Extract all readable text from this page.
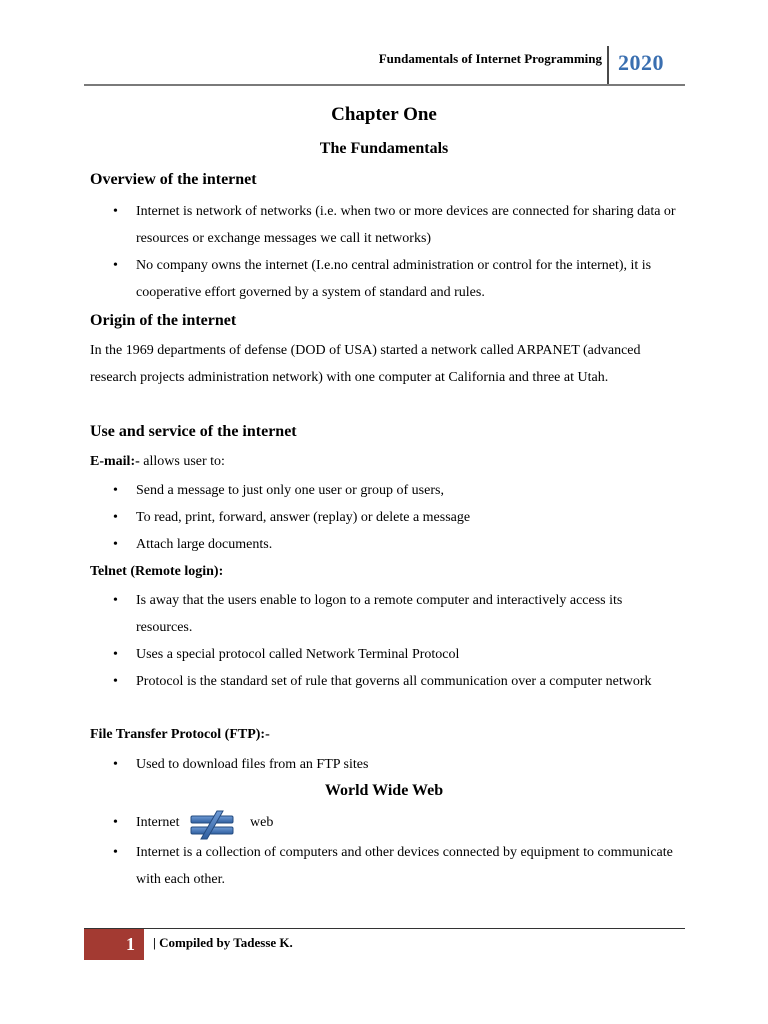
Fundamentals of Internet Programming 2020
Chapter One
The Fundamentals
Overview of the internet
• Internet is network of networks (i.e. when two or more devices are connected for sharing data or resources or exchange messages we call it networks)
• No company owns the internet (I.e.no central administration or control for the internet), it is cooperative effort governed by a system of standard and rules.
Origin of the internet
In the 1969 departments of defense (DOD of USA) started a network called ARPANET (advanced research projects administration network) with one computer at California and three at Utah.
Use and service of the internet
E-mail:- allows user to:
• Send a message to just only one user or group of users,
• To read, print, forward, answer (replay) or delete a message
• Attach large documents.
Telnet (Remote login):
• Is away that the users enable to logon to a remote computer and interactively access its resources.
• Uses a special protocol called Network Terminal Protocol
• Protocol is the standard set of rule that governs all communication over a computer network
File Transfer Protocol (FTP):-
• Used to download files from an FTP sites
World Wide Web
• Internet	web
• Internet is a collection of computers and other devices connected by equipment to communicate with each other.
1	| Compiled by Tadesse K.
